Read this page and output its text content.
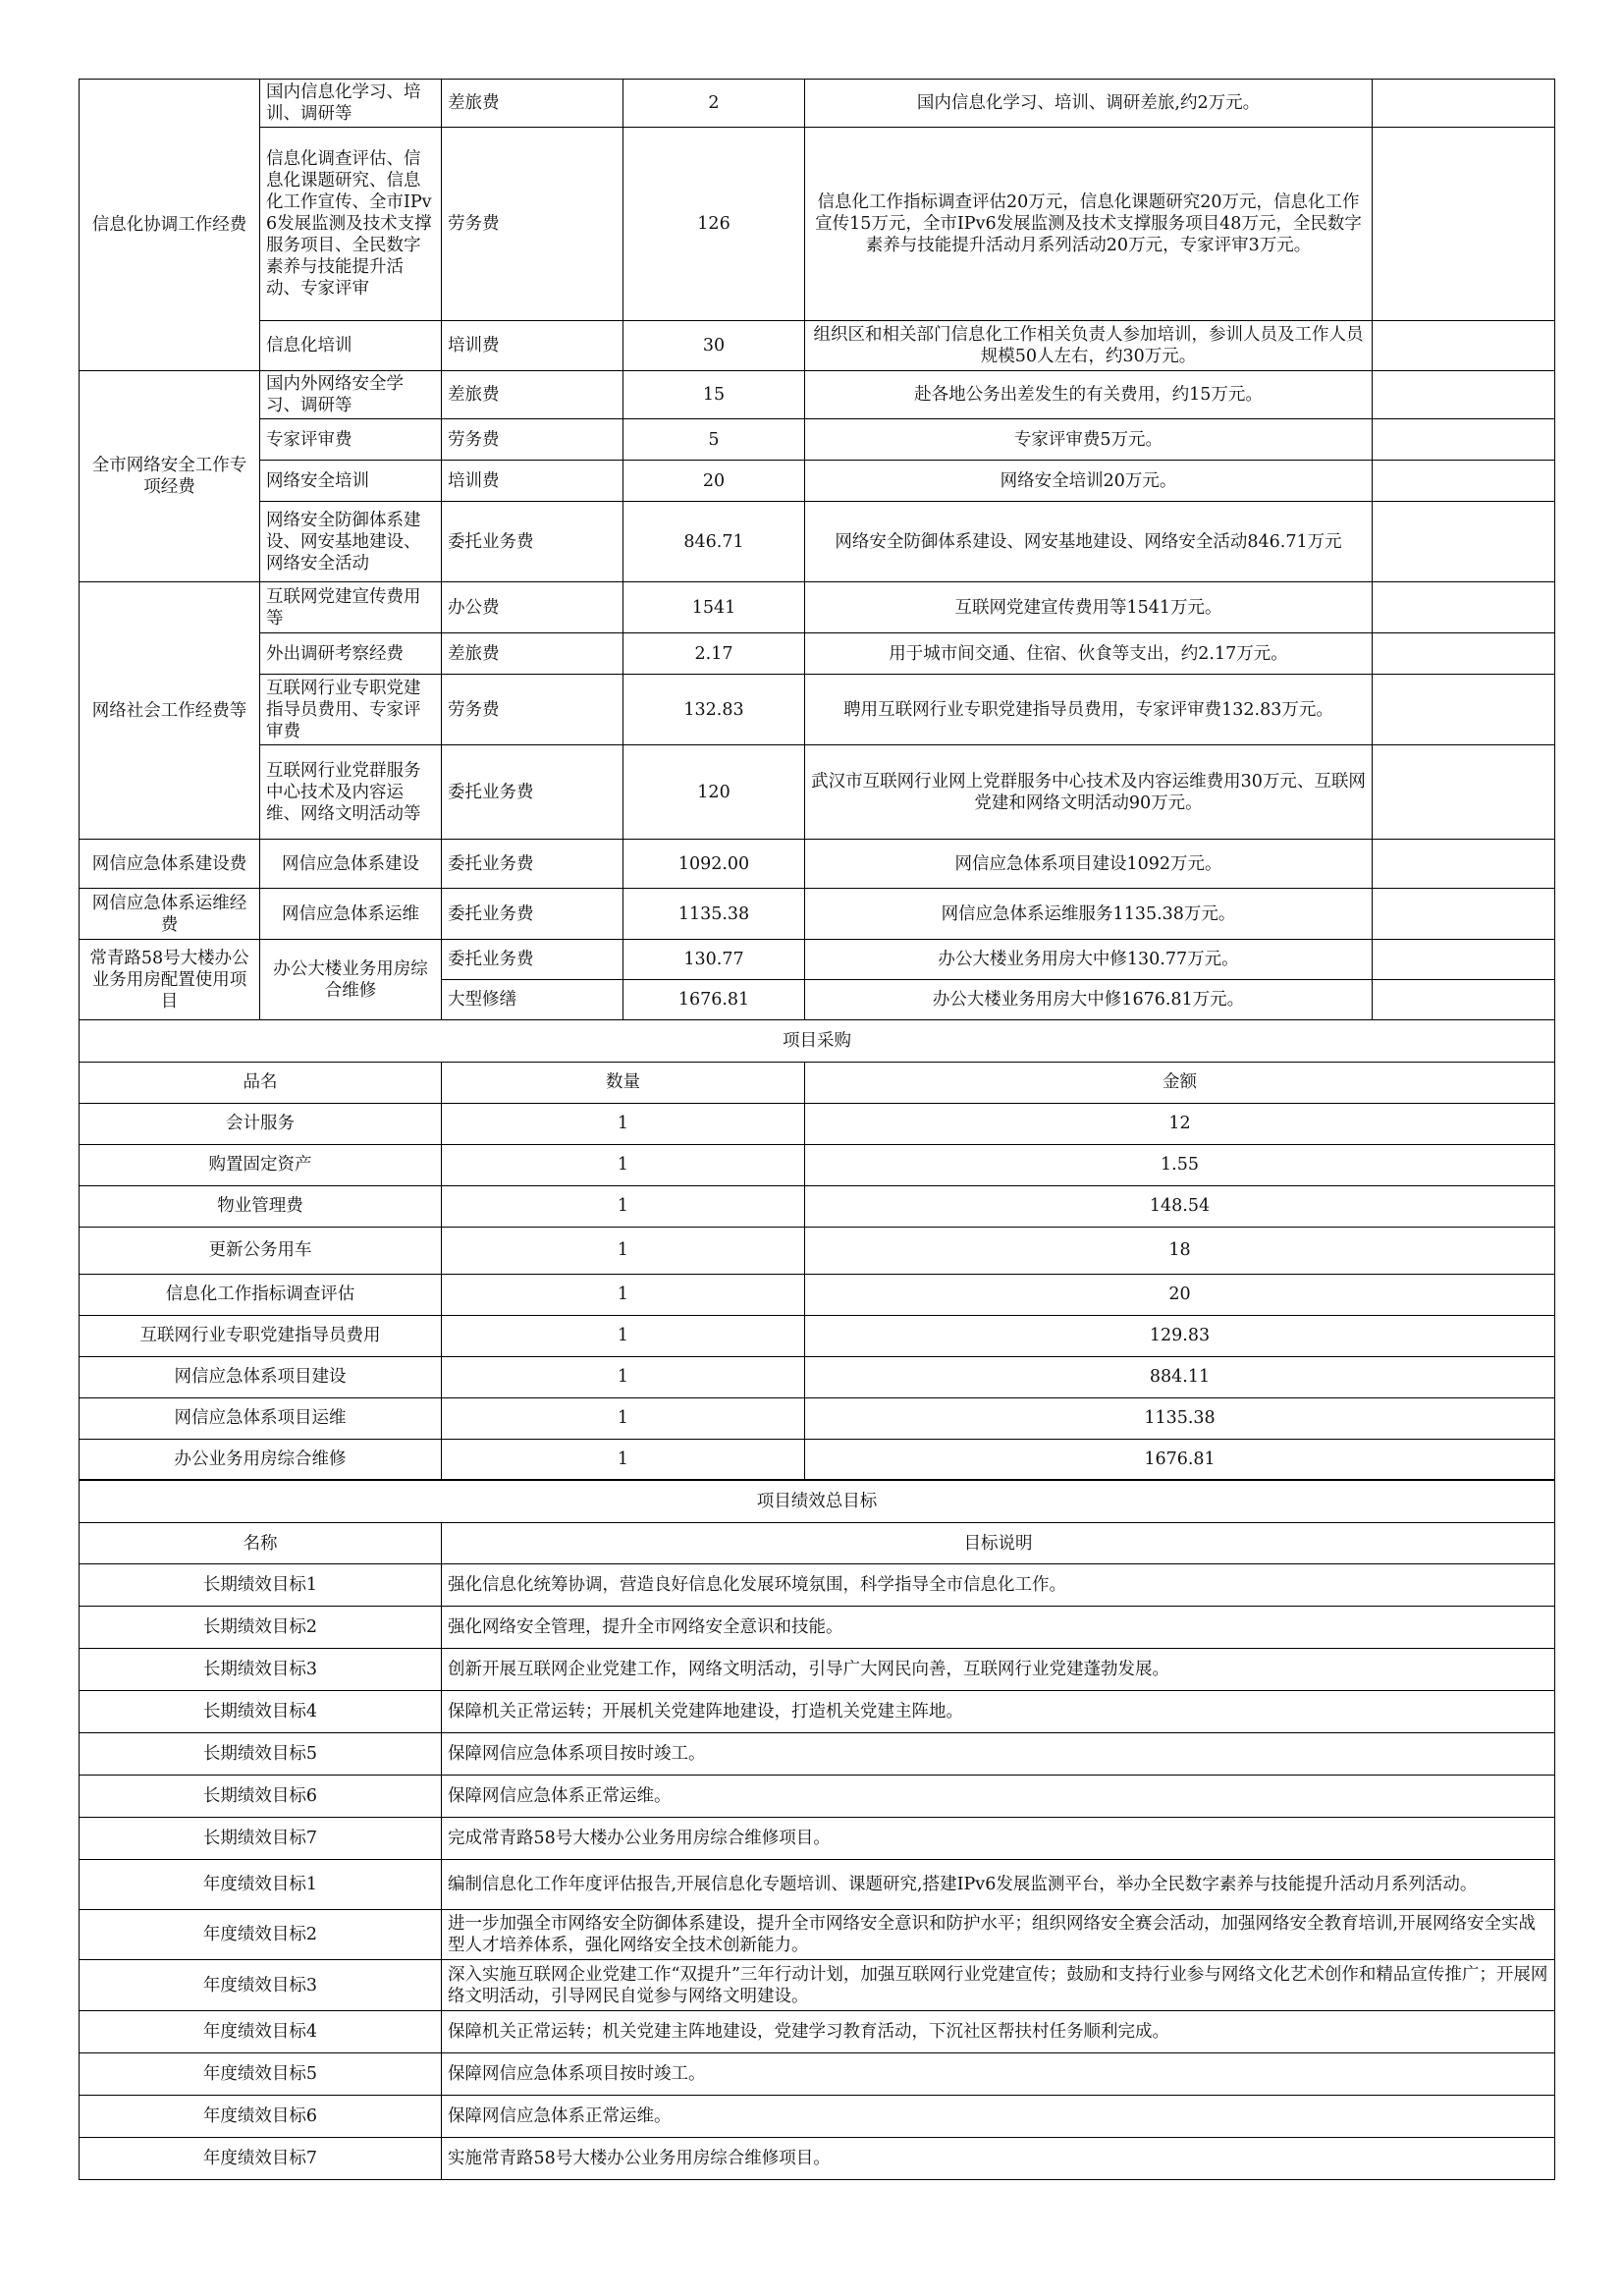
信息化协调工作经费	国内信息化学习、培训、调研等	差旅费	2	国内信息化学习、培训、调研差旅,约2万元。	
	信息化调查评估、信息化课题研究、信息化工作宣传、全市IPv6发展监测及技术支撑服务项目、全民数字素养与技能提升活动、专家评审	劳务费	126	信息化工作指标调查评估20万元，信息化课题研究20万元，信息化工作宣传15万元，全市IPv6发展监测及技术支撑服务项目48万元，全民数字素养与技能提升活动月系列活动20万元，专家评审3万元。	
	信息化培训	培训费	30	组织区和相关部门信息化工作相关负责人参加培训，参训人员及工作人员规模50人左右，约30万元。	
全市网络安全工作专项经费	国内外网络安全学习、调研等	差旅费	15	赴各地公务出差发生的有关费用，约15万元。	
	专家评审费	劳务费	5	专家评审费5万元。	
	网络安全培训	培训费	20	网络安全培训20万元。	
	网络安全防御体系建设、网安基地建设、网络安全活动	委托业务费	846.71	网络安全防御体系建设、网安基地建设、网络安全活动846.71万元	
网络社会工作经费等	互联网党建宣传费用等	办公费	1541	互联网党建宣传费用等1541万元。	
	外出调研考察经费	差旅费	2.17	用于城市间交通、住宿、伙食等支出，约2.17万元。	
	互联网行业专职党建指导员费用、专家评审费	劳务费	132.83	聘用互联网行业专职党建指导员费用，专家评审费132.83万元。	
	互联网行业党群服务中心技术及内容运维、网络文明活动等	委托业务费	120	武汉市互联网行业网上党群服务中心技术及内容运维费用30万元、互联网党建和网络文明活动90万元。	
网信应急体系建设费	网信应急体系建设	委托业务费	1092.00	网信应急体系项目建设1092万元。	
网信应急体系运维经费	网信应急体系运维	委托业务费	1135.38	网信应急体系运维服务1135.38万元。	
常青路58号大楼办公业务用房配置使用项目	办公大楼业务用房综合维修	委托业务费	130.77	办公大楼业务用房大中修130.77万元。	
		大型修缮	1676.81	办公大楼业务用房大中修1676.81万元。	
项目采购		
品名	数量	金额
会计服务	1	12
购置固定资产	1	1.55
物业管理费	1	148.54
更新公务用车	1	18
信息化工作指标调查评估	1	20
互联网行业专职党建指导员费用	1	129.83
网信应急体系项目建设	1	884.11
网信应急体系项目运维	1	1135.38
办公业务用房综合维修	1	1676.81
项目绩效总目标	
名称	目标说明
长期绩效目标1	强化信息化统筹协调，营造良好信息化发展环境氛围，科学指导全市信息化工作。
长期绩效目标2	强化网络安全管理，提升全市网络安全意识和技能。
长期绩效目标3	创新开展互联网企业党建工作，网络文明活动，引导广大网民向善，互联网行业党建蓬勃发展。
长期绩效目标4	保障机关正常运转；开展机关党建阵地建设，打造机关党建主阵地。
长期绩效目标5	保障网信应急体系项目按时竣工。
长期绩效目标6	保障网信应急体系正常运维。
长期绩效目标7	完成常青路58号大楼办公业务用房综合维修项目。
年度绩效目标1	编制信息化工作年度评估报告,开展信息化专题培训、课题研究,搭建IPv6发展监测平台，举办全民数字素养与技能提升活动月系列活动。
年度绩效目标2	进一步加强全市网络安全防御体系建设，提升全市网络安全意识和防护水平；组织网络安全赛会活动，加强网络安全教育培训,开展网络安全实战型人才培养体系，强化网络安全技术创新能力。
年度绩效目标3	深入实施互联网企业党建工作“双提升”三年行动计划，加强互联网行业党建宣传；鼓励和支持行业参与网络文化艺术创作和精品宣传推广；开展网络文明活动，引导网民自觉参与网络文明建设。
年度绩效目标4	保障机关正常运转；机关党建主阵地建设，党建学习教育活动，下沉社区帮扶村任务顺利完成。
年度绩效目标5	保障网信应急体系项目按时竣工。
年度绩效目标6	保障网信应急体系正常运维。
年度绩效目标7	实施常青路58号大楼办公业务用房综合维修项目。
